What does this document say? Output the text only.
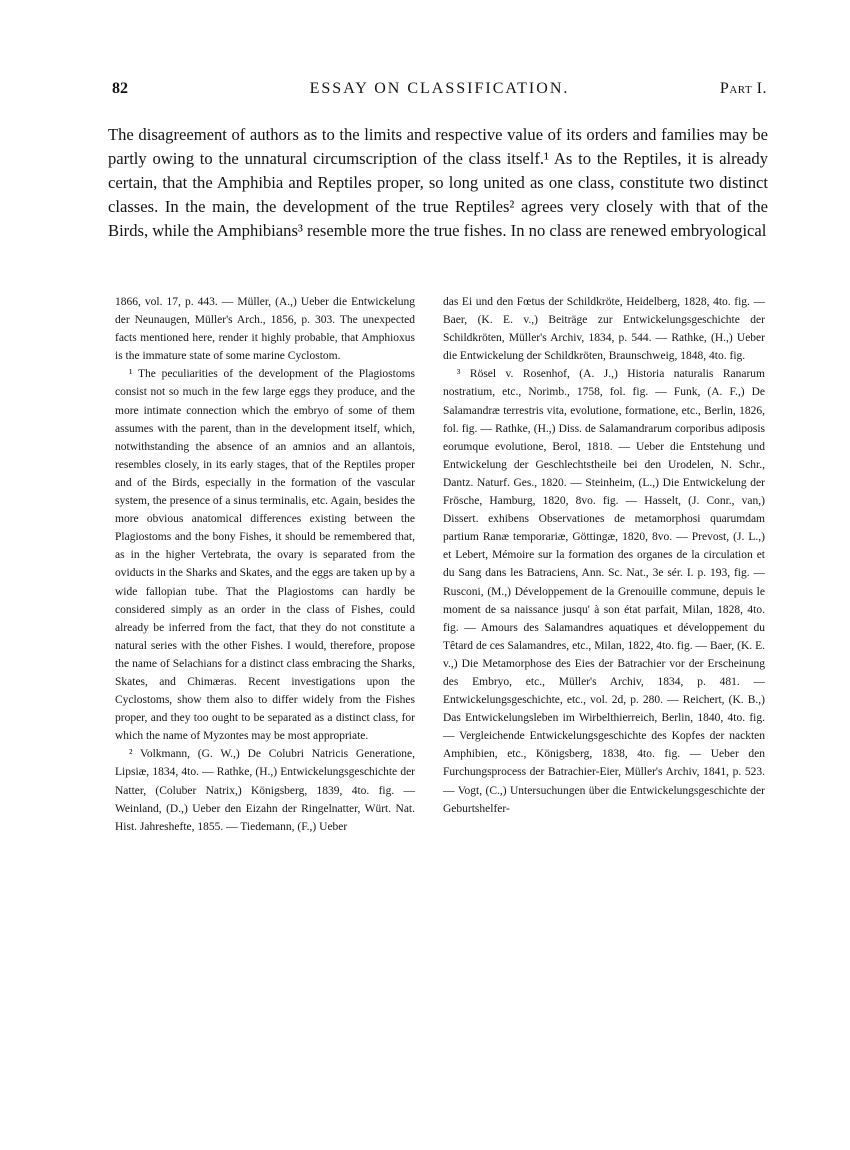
82	ESSAY ON CLASSIFICATION.	Part I.

The disagreement of authors as to the limits and respective value of its orders and families may be partly owing to the unnatural circumscription of the class itself.¹ As to the Reptiles, it is already certain, that the Amphibia and Reptiles proper, so long united as one class, constitute two distinct classes. In the main, the development of the true Reptiles² agrees very closely with that of the Birds, while the Amphibians³ resemble more the true fishes. In no class are renewed embryological

1866, vol. 17, p. 443. — Müller, (A.,) Ueber die Entwickelung der Neunaugen, Müller's Arch., 1856, p. 303. The unexpected facts mentioned here, render it highly probable, that Amphioxus is the immature state of some marine Cyclostom.

¹ The peculiarities of the development of the Plagiostoms consist not so much in the few large eggs they produce, and the more intimate connection which the embryo of some of them assumes with the parent, than in the development itself, which, notwithstanding the absence of an amnios and an allantois, resembles closely, in its early stages, that of the Reptiles proper and of the Birds, especially in the formation of the vascular system, the presence of a sinus terminalis, etc. Again, besides the more obvious anatomical differences existing between the Plagiostoms and the bony Fishes, it should be remembered that, as in the higher Vertebrata, the ovary is separated from the oviducts in the Sharks and Skates, and the eggs are taken up by a wide fallopian tube. That the Plagiostoms can hardly be considered simply as an order in the class of Fishes, could already be inferred from the fact, that they do not constitute a natural series with the other Fishes. I would, therefore, propose the name of Selachians for a distinct class embracing the Sharks, Skates, and Chimæras. Recent investigations upon the Cyclostoms, show them also to differ widely from the Fishes proper, and they too ought to be separated as a distinct class, for which the name of Myzontes may be most appropriate.

² Volkmann, (G. W.,) De Colubri Natricis Generatione, Lipsiæ, 1834, 4to. — Rathke, (H.,) Entwickelungsgeschichte der Natter, (Coluber Natrix,) Königsberg, 1839, 4to. fig. — Weinland, (D.,) Ueber den Eizahn der Ringelnatter, Würt. Nat. Hist. Jahreshefte, 1855. — Tiedemann, (F.,) Ueber

das Ei und den Fœtus der Schildkröte, Heidelberg, 1828, 4to. fig. — Baer, (K. E. v.,) Beiträge zur Entwickelungsgeschichte der Schildkröten, Müller's Archiv, 1834, p. 544. — Rathke, (H.,) Ueber die Entwickelung der Schildkröten, Braunschweig, 1848, 4to. fig.

³ Rösel v. Rosenhof, (A. J.,) Historia naturalis Ranarum nostratium, etc., Norimb., 1758, fol. fig. — Funk, (A. F.,) De Salamandræ terrestris vita, evolutione, formatione, etc., Berlin, 1826, fol. fig. — Rathke, (H.,) Diss. de Salamandrarum corporibus adiposis eorumque evolutione, Berol, 1818. — Ueber die Entstehung und Entwickelung der Geschlechtstheile bei den Urodelen, N. Schr., Dantz. Naturf. Ges., 1820. — Steinheim, (L.,) Die Entwickelung der Frösche, Hamburg, 1820, 8vo. fig. — Hasselt, (J. Conr., van,) Dissert. exhibens Observationes de metamorphosi quarumdam partium Ranæ temporariæ, Göttingæ, 1820, 8vo. — Prevost, (J. L.,) et Lebert, Mémoire sur la formation des organes de la circulation et du Sang dans les Batraciens, Ann. Sc. Nat., 3e sér. I. p. 193, fig. — Rusconi, (M.,) Développement de la Grenouille commune, depuis le moment de sa naissance jusqu' à son état parfait, Milan, 1828, 4to. fig. — Amours des Salamandres aquatiques et développement du Têtard de ces Salamandres, etc., Milan, 1822, 4to. fig. — Baer, (K. E. v.,) Die Metamorphose des Eies der Batrachier vor der Erscheinung des Embryo, etc., Müller's Archiv, 1834, p. 481. — Entwickelungsgeschichte, etc., vol. 2d, p. 280. — Reichert, (K. B.,) Das Entwickelungsleben im Wirbelthierreich, Berlin, 1840, 4to. fig. — Vergleichende Entwickelungsgeschichte des Kopfes der nackten Amphibien, etc., Königsberg, 1838, 4to. fig. — Ueber den Furchungsprocess der Batrachier-Eier, Müller's Archiv, 1841, p. 523. — Vogt, (C.,) Untersuchungen über die Entwickelungsgeschichte der Geburtshelfer-
